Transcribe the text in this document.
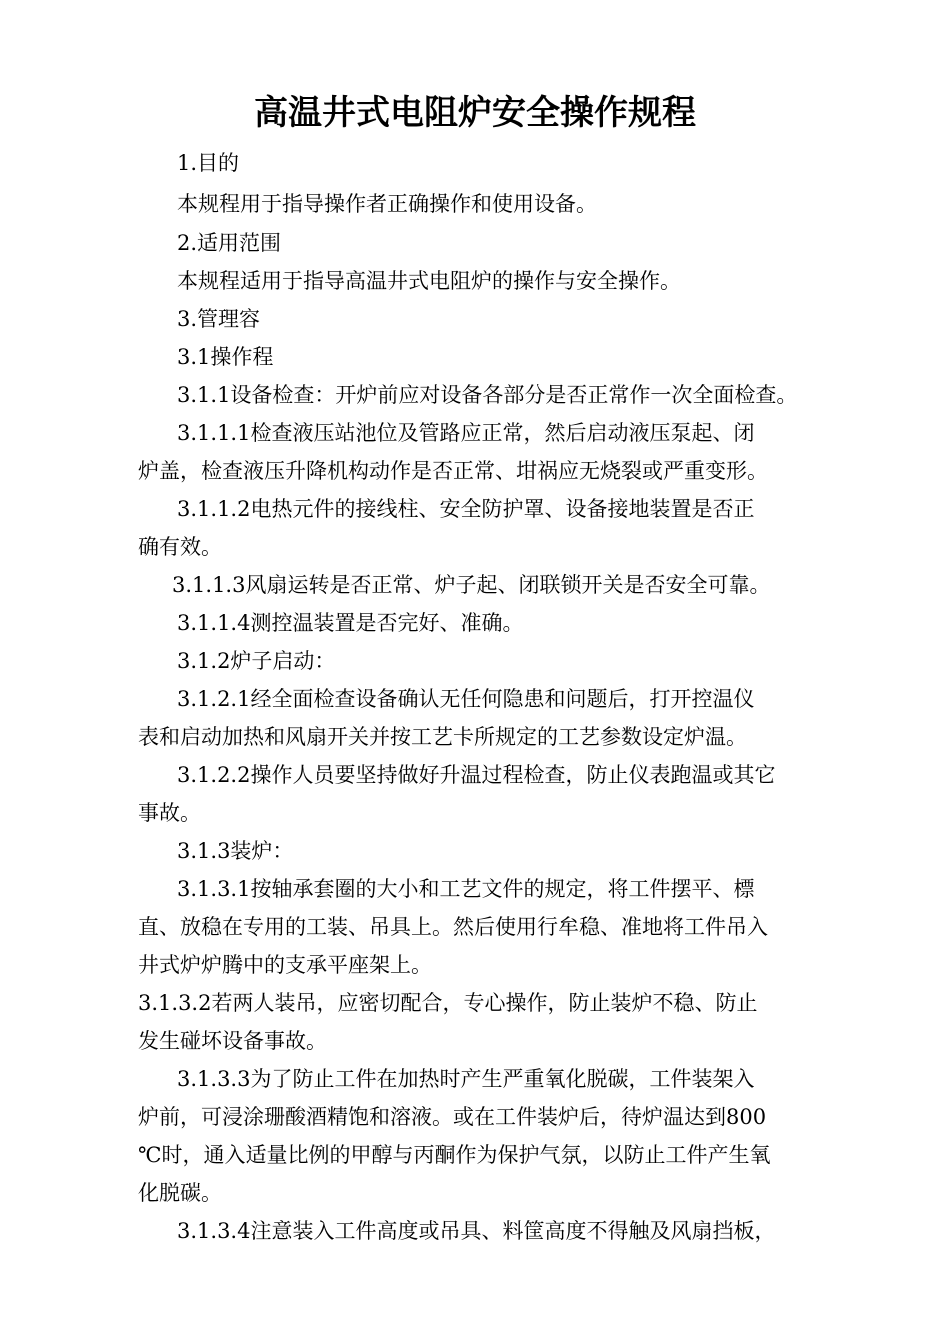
高温井式电阻炉安全操作规程
1.目的
本规程用于指导操作者正确操作和使用设备。
2.适用范围
本规程适用于指导高温井式电阻炉的操作与安全操作。
3.管理容
3.1操作程
3.1.1设备检查：开炉前应对设备各部分是否正常作一次全面检查。
3.1.1.1检查液压站池位及管路应正常，然后启动液压泵起、闭
炉盖，检查液压升降机构动作是否正常、坩祸应无烧裂或严重变形。
3.1.1.2电热元件的接线柱、安全防护罩、设备接地装置是否正
确有效。
3.1.1.3风扇运转是否正常、炉子起、闭联锁开关是否安全可靠。
3.1.1.4测控温装置是否完好、准确。
3.1.2炉子启动：
3.1.2.1经全面检查设备确认无任何隐患和问题后，打开控温仪
表和启动加热和风扇开关并按工艺卡所规定的工艺参数设定炉温。
3.1.2.2操作人员要坚持做好升温过程检查，防止仪表跑温或其它
事故。
3.1.3装炉：
3.1.3.1按轴承套圈的大小和工艺文件的规定，将工件摆平、標
直、放稳在专用的工装、吊具上。然后使用行牟稳、准地将工件吊入
井式炉炉腾中的支承平座架上。
3.1.3.2若两人装吊，应密切配合，专心操作，防止装炉不稳、防止
发生碰坏设备事故。
3.1.3.3为了防止工件在加热时产生严重氧化脱碳，工件装架入
炉前，可浸涂珊酸酒精饱和溶液。或在工件装炉后，待炉温达到800
℃时，通入适量比例的甲醇与丙酮作为保护气氛，以防止工件产生氧
化脱碳。
3.1.3.4注意装入工件高度或吊具、料筐高度不得触及风扇挡板，
